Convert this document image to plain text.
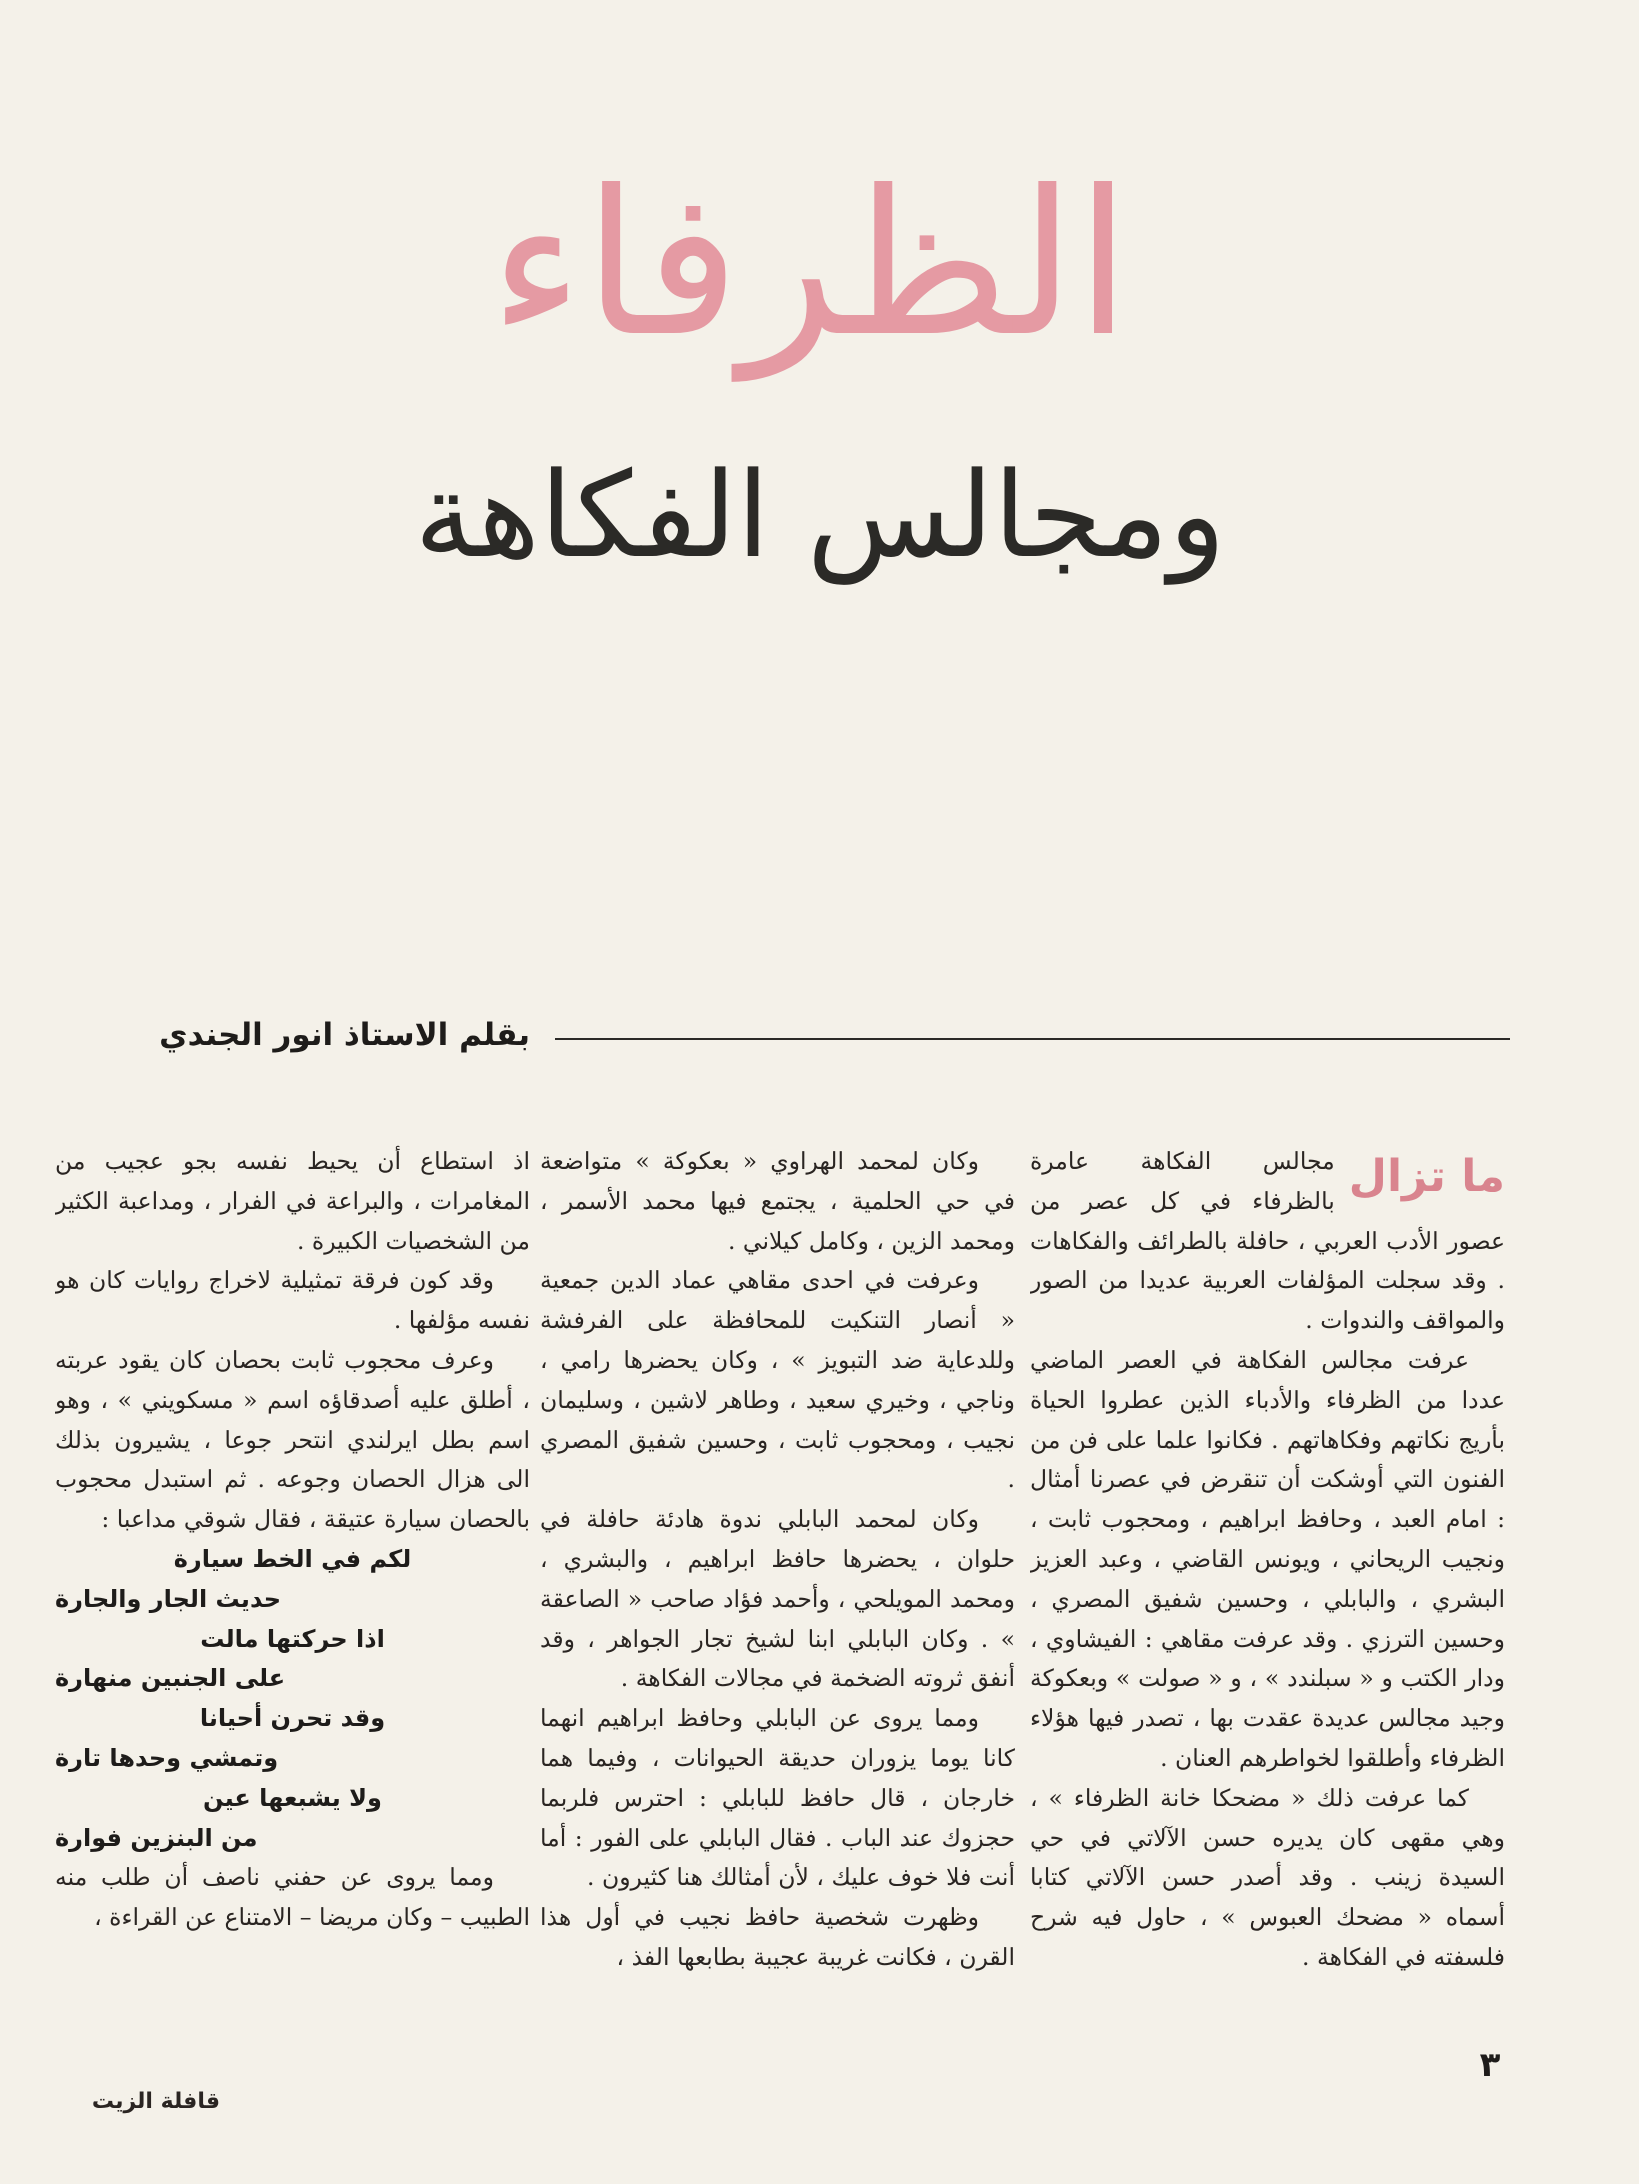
الظرفاء
ومجالس الفكاهة
بقلم الاستاذ انور الجندي
ما تزال

مجالس الفكاهة عامرة بالظرفاء في كل عصر من عصور الأدب العربي ، حافلة بالطرائف والفكاهات . وقد سجلت المؤلفات العربية عديدا من الصور والمواقف والندوات .

عرفت مجالس الفكاهة في العصر الماضي عددا من الظرفاء والأدباء الذين عطروا الحياة بأريج نكاتهم وفكاهاتهم . فكانوا علما على فن من الفنون التي أوشكت أن تنقرض في عصرنا أمثال : امام العبد ، وحافظ ابراهيم ، ومحجوب ثابت ، ونجيب الريحاني ، ويونس القاضي ، وعبد العزيز البشري ، والبابلي ، وحسين شفيق المصري ، وحسين الترزي . وقد عرفت مقاهي : الفيشاوي ، ودار الكتب و « سبلندد » ، و « صولت » وبعكوكة وجيد مجالس عديدة عقدت بها ، تصدر فيها هؤلاء الظرفاء وأطلقوا لخواطرهم العنان .

كما عرفت ذلك « مضحكا خانة الظرفاء » ، وهي مقهى كان يديره حسن الآلاتي في حي السيدة زينب . وقد أصدر حسن الآلاتي كتابا أسماه « مضحك العبوس » ، حاول فيه شرح فلسفته في الفكاهة .

وكان لمحمد الهراوي « بعكوكة » متواضعة في حي الحلمية ، يجتمع فيها محمد الأسمر ، ومحمد الزين ، وكامل كيلاني .

وعرفت في احدى مقاهي عماد الدين جمعية « أنصار التنكيت للمحافظة على الفرفشة وللدعاية ضد التبويز » ، وكان يحضرها رامي ، وناجي ، وخيري سعيد ، وطاهر لاشين ، وسليمان نجيب ، ومحجوب ثابت ، وحسين شفيق المصري .

وكان لمحمد البابلي ندوة هادئة حافلة في حلوان ، يحضرها حافظ ابراهيم ، والبشري ، ومحمد المويلحي ، وأحمد فؤاد صاحب « الصاعقة » . وكان البابلي ابنا لشيخ تجار الجواهر ، وقد أنفق ثروته الضخمة في مجالات الفكاهة .

ومما يروى عن البابلي وحافظ ابراهيم انهما كانا يوما يزوران حديقة الحيوانات ، وفيما هما خارجان ، قال حافظ للبابلي : احترس فلربما حجزوك عند الباب . فقال البابلي على الفور : أما أنت فلا خوف عليك ، لأن أمثالك هنا كثيرون .

وظهرت شخصية حافظ نجيب في أول هذا القرن ، فكانت غريبة عجيبة بطابعها الفذ ،

اذ استطاع أن يحيط نفسه بجو عجيب من المغامرات ، والبراعة في الفرار ، ومداعبة الكثير من الشخصيات الكبيرة .

وقد كون فرقة تمثيلية لاخراج روايات كان هو نفسه مؤلفها .

وعرف محجوب ثابت بحصان كان يقود عربته ، أطلق عليه أصدقاؤه اسم « مسكويني » ، وهو اسم بطل ايرلندي انتحر جوعا ، يشيرون بذلك الى هزال الحصان وجوعه . ثم استبدل محجوب بالحصان سيارة عتيقة ، فقال شوقي مداعبا :

لكم في الخط سيارة
حديث الجار والجارة
اذا حركتها مالت
على الجنبين منهارة
وقد تحرن أحيانا
وتمشي وحدها تارة
ولا يشبعها عين
من البنزين فوارة

ومما يروى عن حفني ناصف أن طلب منه الطبيب – وكان مريضا – الامتناع عن القراءة ،

٣
قافلة الزيت
